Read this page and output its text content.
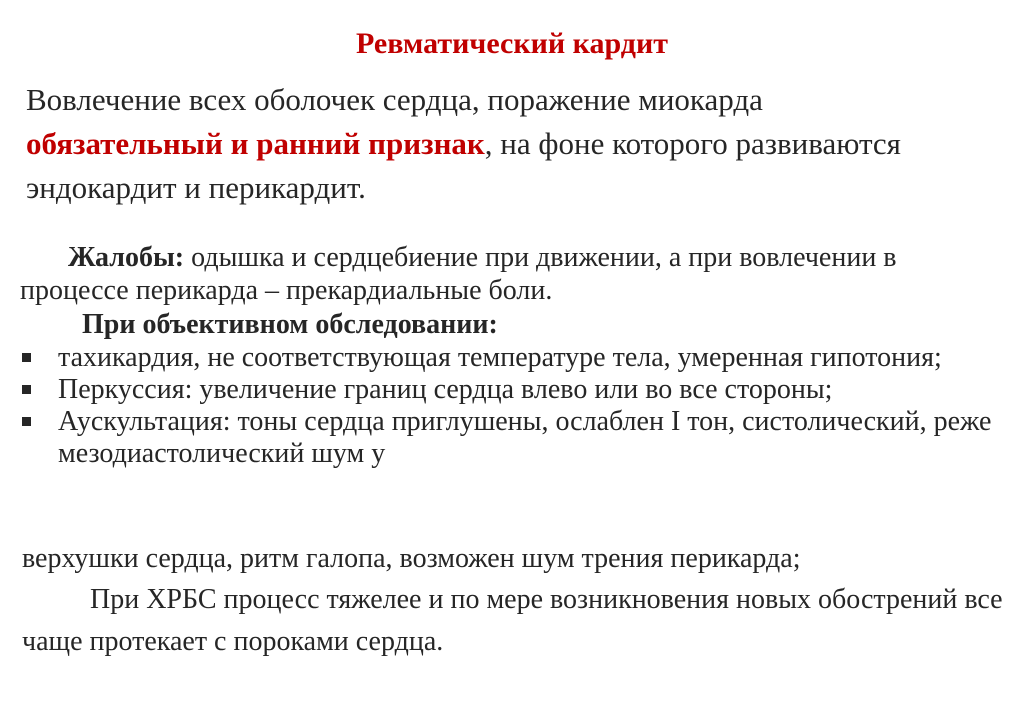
Ревматический кардит
Вовлечение всех оболочек сердца, поражение миокарда
обязательный и ранний признак, на фоне которого развиваются эндокардит и перикардит.
Жалобы: одышка и сердцебиение при движении, а при вовлечении в процессе перикарда – прекардиальные боли.
При объективном обследовании:
тахикардия, не соответствующая температуре тела, умеренная гипотония;
Перкуссия: увеличение границ сердца влево или во все стороны;
Аускультация: тоны сердца приглушены, ослаблен I тон, систолический, реже мезодиастолический шум у
верхушки сердца, ритм галопа, возможен шум трения перикарда;
При ХРБС процесс тяжелее и по мере возникновения новых обострений все чаще протекает с пороками сердца.
